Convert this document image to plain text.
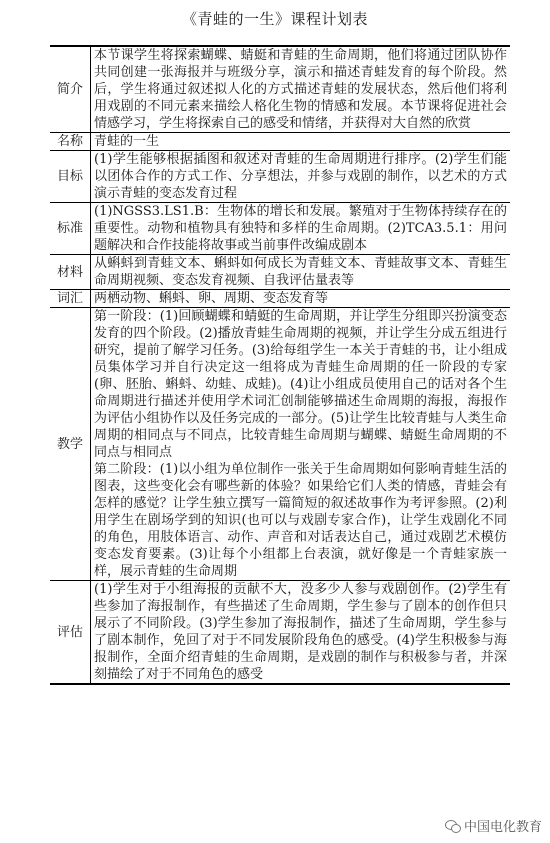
《青蛙的一生》课程计划表
简介	本节课学生将探索蝴蝶、蜻蜓和青蛙的生命周期，他们将通过团队协作共同创建一张海报并与班级分享，演示和描述青蛙发育的每个阶段。然后，学生将通过叙述拟人化的方式描述青蛙的发展状态，然后他们将利用戏剧的不同元素来描绘人格化生物的情感和发展。本节课将促进社会情感学习，学生将探索自己的感受和情绪，并获得对大自然的欣赏

名称	青蛙的一生

目标	(1)学生能够根据插图和叙述对青蛙的生命周期进行排序。(2)学生们能以团体合作的方式工作、分享想法，并参与戏剧的制作，以艺术的方式演示青蛙的变态发育过程

标准	(1)NGSS3.LS1.B：生物体的增长和发展。繁殖对于生物体持续存在的重要性。动物和植物具有独特和多样的生命周期。(2)TCA3.5.1：用问题解决和合作技能将故事或当前事件改编成剧本

材料	从蝌蚪到青蛙文本、蝌蚪如何成长为青蛙文本、青蛙故事文本、青蛙生命周期视频、变态发育视频、自我评估量表等

词汇	两栖动物、蝌蚪、卵、周期、变态发育等

教学	第一阶段：(1)回顾蝴蝶和蜻蜓的生命周期，并让学生分组即兴扮演变态发育的四个阶段。(2)播放青蛙生命周期的视频，并让学生分成五组进行研究，提前了解学习任务。(3)给每组学生一本关于青蛙的书，让小组成员集体学习并自行决定这一组将成为青蛙生命周期的任一阶段的专家(卵、胚胎、蝌蚪、幼蛙、成蛙)。(4)让小组成员使用自己的话对各个生命周期进行描述并使用学术词汇创制能够描述生命周期的海报，海报作为评估小组协作以及任务完成的一部分。(5)让学生比较青蛙与人类生命周期的相同点与不同点，比较青蛙生命周期与蝴蝶、蜻蜓生命周期的不同点与相同点

第二阶段：(1)以小组为单位制作一张关于生命周期如何影响青蛙生活的图表，这些变化会有哪些新的体验？如果给它们人类的情感，青蛙会有怎样的感觉？让学生独立撰写一篇简短的叙述故事作为考评参照。(2)利用学生在剧场学到的知识(也可以与戏剧专家合作)，让学生戏剧化不同的角色，用肢体语言、动作、声音和对话表达自己，通过戏剧艺术模仿变态发育要素。(3)让每个小组都上台表演，就好像是一个青蛙家族一样，展示青蛙的生命周期

评估	(1)学生对于小组海报的贡献不大，没多少人参与戏剧创作。(2)学生有些参加了海报制作，有些描述了生命周期，学生参与了剧本的创作但只展示了不同阶段。(3)学生参加了海报制作，描述了生命周期，学生参与了剧本制作，免回了对于不同发展阶段角色的感受。(4)学生积极参与海报制作，全面介绍青蛙的生命周期，是戏剧的制作与积极参与者，并深刻描绘了对于不同角色的感受

中国电化教育
